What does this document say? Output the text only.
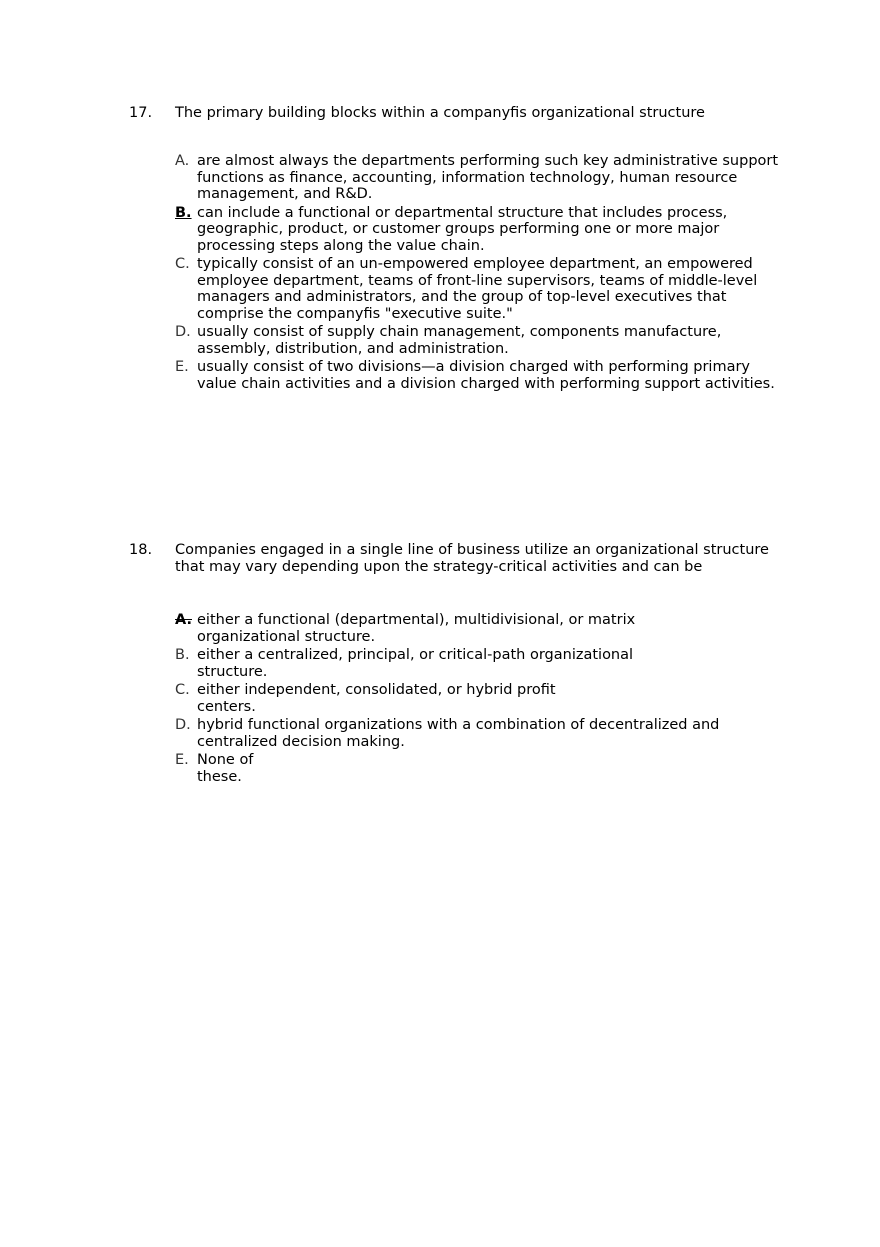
17.	The primary building blocks within a companyfis organizational structure
A. are almost always the departments performing such key administrative support
functions as finance, accounting, information technology, human resource
management, and R&D.
B. can include a functional or departmental structure that includes process,
geographic, product, or customer groups performing one or more major
processing steps along the value chain.
C. typically consist of an un-empowered employee department, an empowered
employee department, teams of front-line supervisors, teams of middle-level
managers and administrators, and the group of top-level executives that
comprise the companyfis "executive suite."
D. usually consist of supply chain management, components manufacture,
assembly, distribution, and administration.
E. usually consist of two divisions—a division charged with performing primary
value chain activities and a division charged with performing support activities.
18.	Companies engaged in a single line of business utilize an organizational structure
that may vary depending upon the strategy-critical activities and can be
A. either a functional (departmental), multidivisional, or matrix
organizational structure.
B. either a centralized, principal, or critical-path organizational
structure.
C. either independent, consolidated, or hybrid profit
centers.
D. hybrid functional organizations with a combination of decentralized and
centralized decision making.
E. None of
these.
